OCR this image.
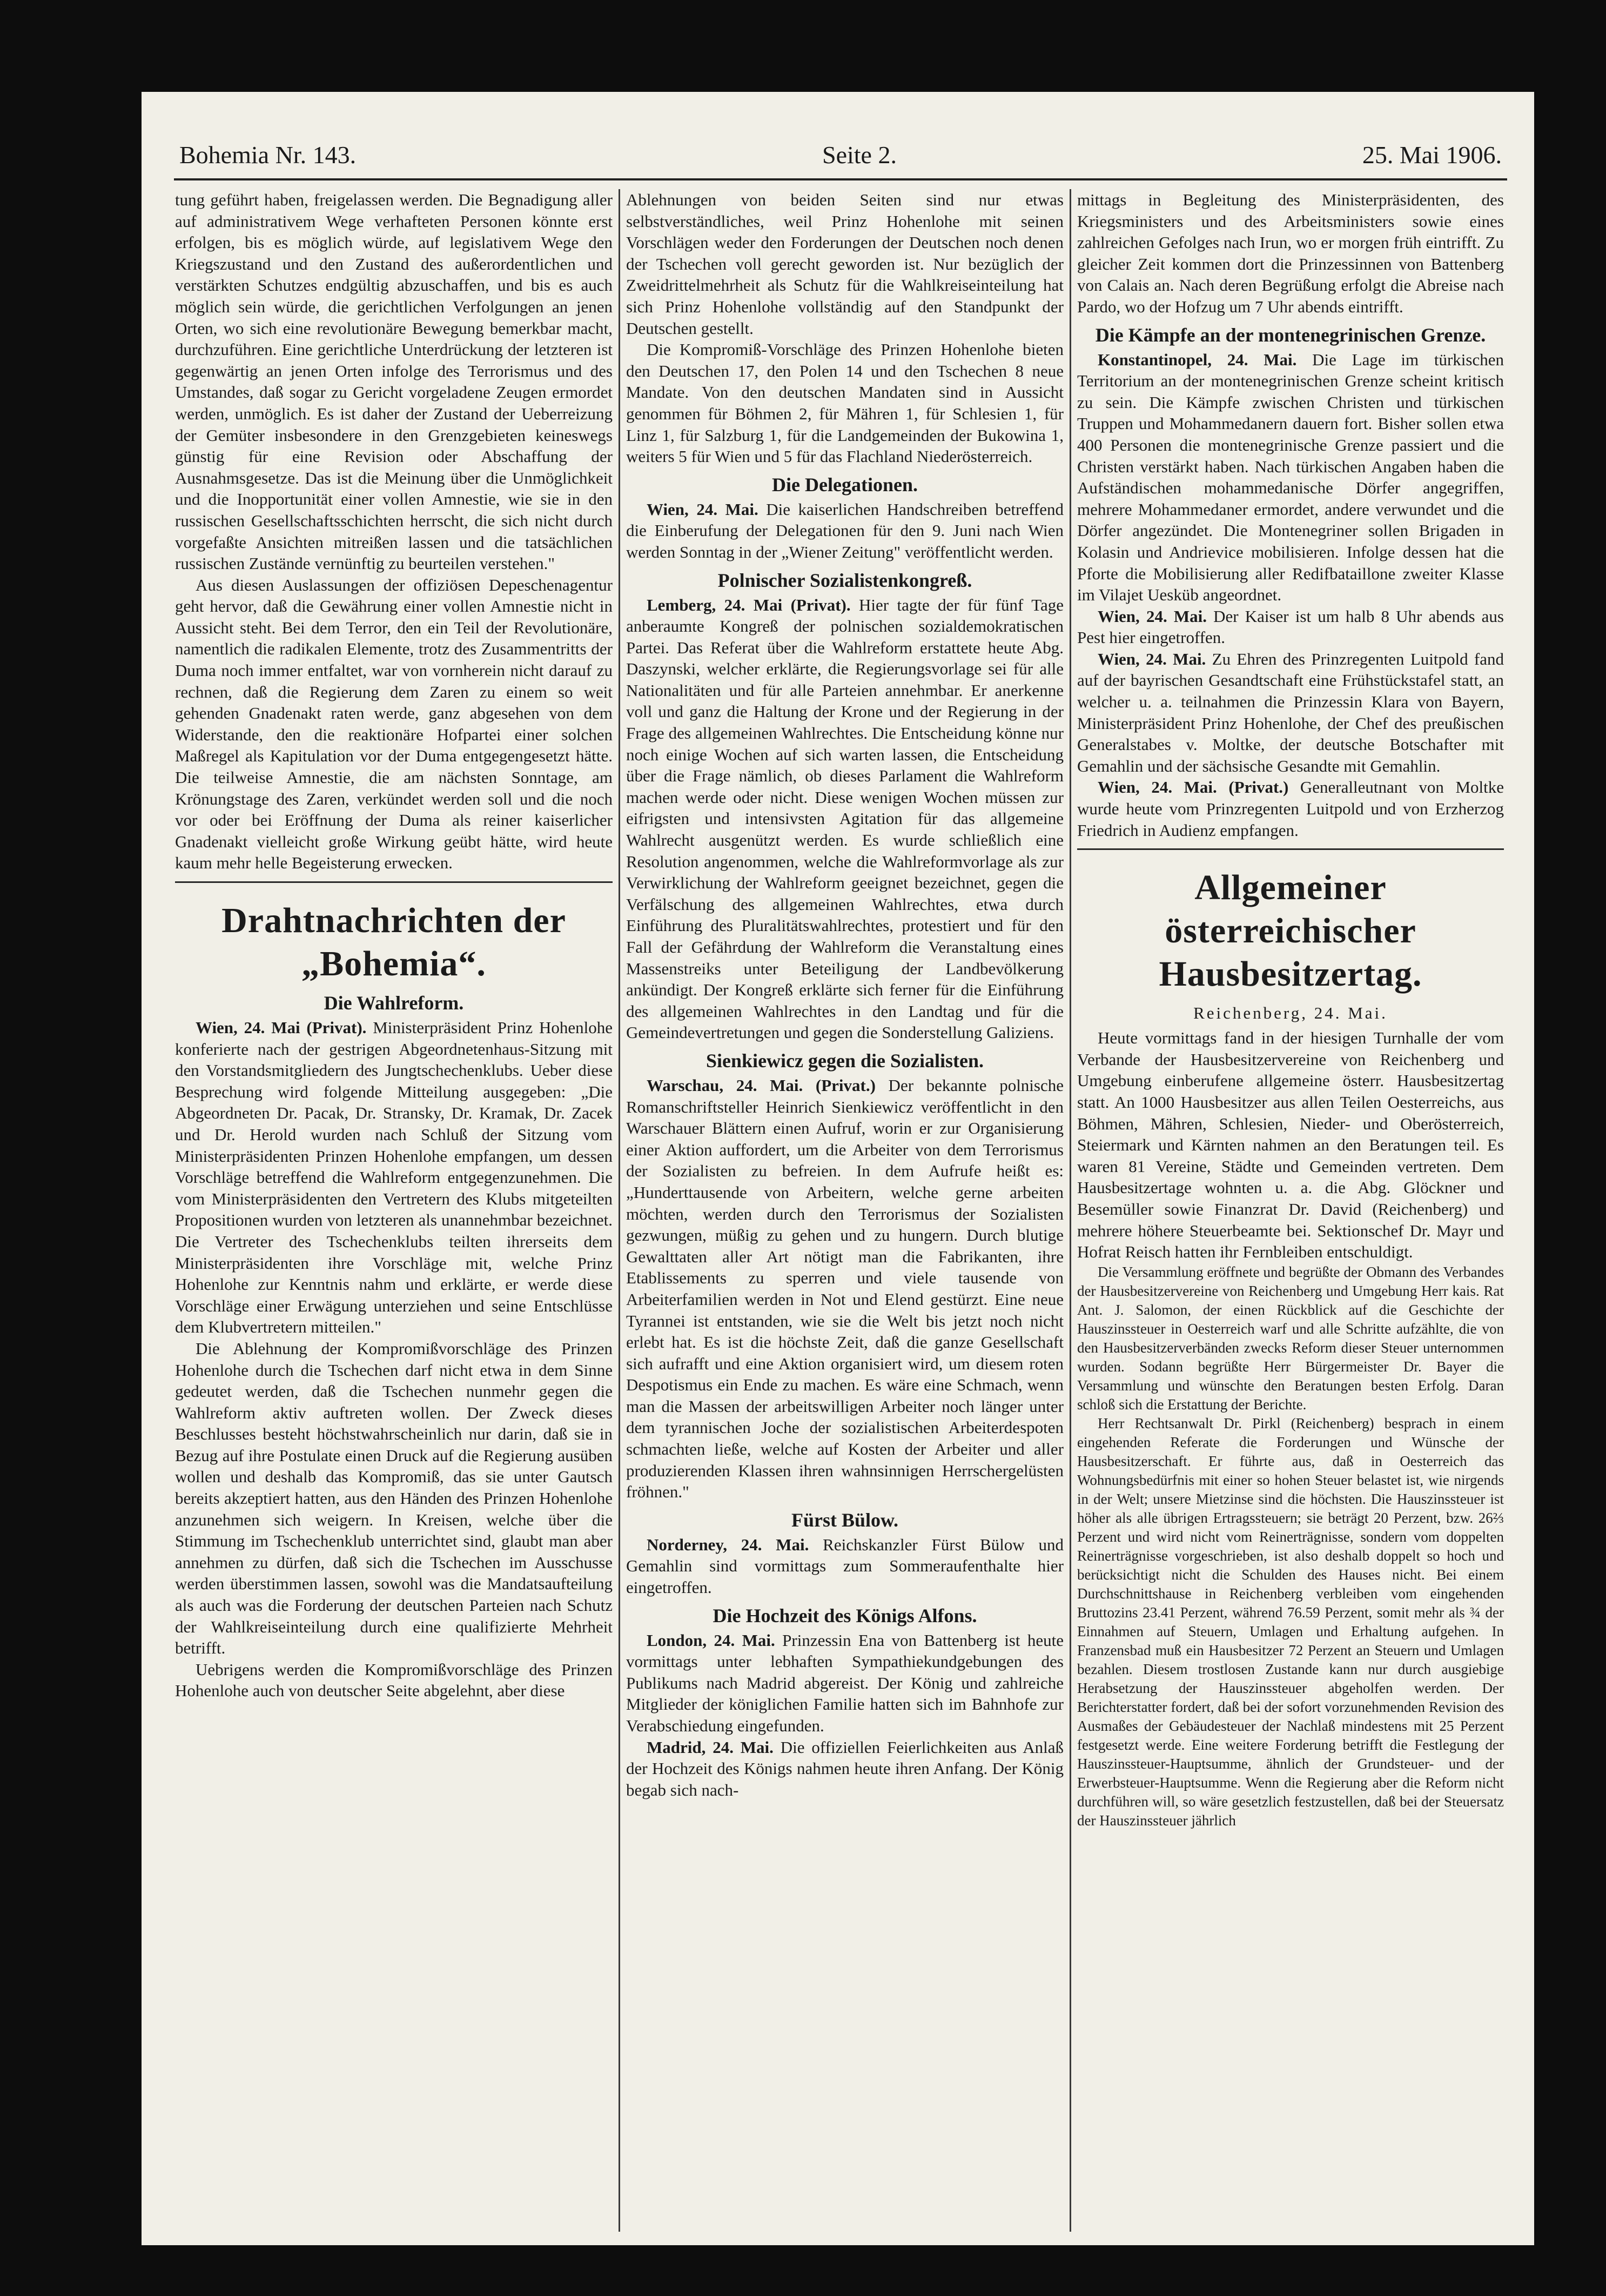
Bohemia Nr. 143.	Seite 2.	25. Mai 1906.

tung geführt haben, freigelassen werden. Die Begnadigung aller auf administrativem Wege verhafteten Personen könnte erst erfolgen, bis es möglich würde, auf legislativem Wege den Kriegszustand und den Zustand des außerordentlichen und verstärkten Schutzes endgültig abzuschaffen, und bis es auch möglich sein würde, die gerichtlichen Verfolgungen an jenen Orten, wo sich eine revolutionäre Bewegung bemerkbar macht, durchzuführen. Eine gerichtliche Unterdrückung der letzteren ist gegenwärtig an jenen Orten infolge des Terrorismus und des Umstandes, daß sogar zu Gericht vorgeladene Zeugen ermordet werden, unmöglich. Es ist daher der Zustand der Ueberreizung der Gemüter insbesondere in den Grenzgebieten keineswegs günstig für eine Revision oder Abschaffung der Ausnahmsgesetze. Das ist die Meinung über die Unmöglichkeit und die Inopportunität einer vollen Amnestie, wie sie in den russischen Gesellschaftsschichten herrscht, die sich nicht durch vorgefaßte Ansichten mitreißen lassen und die tatsächlichen russischen Zustände vernünftig zu beurteilen verstehen."

Aus diesen Auslassungen der offiziösen Depeschenagentur geht hervor, daß die Gewährung einer vollen Amnestie nicht in Aussicht steht. Bei dem Terror, den ein Teil der Revolutionäre, namentlich die radikalen Elemente, trotz des Zusammentritts der Duma noch immer entfaltet, war von vornherein nicht darauf zu rechnen, daß die Regierung dem Zaren zu einem so weit gehenden Gnadenakt raten werde, ganz abgesehen von dem Widerstande, den die reaktionäre Hofpartei einer solchen Maßregel als Kapitulation vor der Duma entgegengesetzt hätte. Die teilweise Amnestie, die am nächsten Sonntage, am Krönungstage des Zaren, verkündet werden soll und die noch vor oder bei Eröffnung der Duma als reiner kaiserlicher Gnadenakt vielleicht große Wirkung geübt hätte, wird heute kaum mehr helle Begeisterung erwecken.

Drahtnachrichten der „Bohemia“.
Die Wahlreform.

Wien, 24. Mai (Privat). Ministerpräsident Prinz Hohenlohe konferierte nach der gestrigen Abgeordnetenhaus-Sitzung mit den Vorstandsmitgliedern des Jungtschechenklubs. Ueber diese Besprechung wird folgende Mitteilung ausgegeben: „Die Abgeordneten Dr. Pacak, Dr. Stransky, Dr. Kramak, Dr. Zacek und Dr. Herold wurden nach Schluß der Sitzung vom Ministerpräsidenten Prinzen Hohenlohe empfangen, um dessen Vorschläge betreffend die Wahlreform entgegenzunehmen. Die vom Ministerpräsidenten den Vertretern des Klubs mitgeteilten Propositionen wurden von letzteren als unannehmbar bezeichnet. Die Vertreter des Tschechenklubs teilten ihrerseits dem Ministerpräsidenten ihre Vorschläge mit, welche Prinz Hohenlohe zur Kenntnis nahm und erklärte, er werde diese Vorschläge einer Erwägung unterziehen und seine Entschlüsse dem Klubvertretern mitteilen."

Die Ablehnung der Kompromißvorschläge des Prinzen Hohenlohe durch die Tschechen darf nicht etwa in dem Sinne gedeutet werden, daß die Tschechen nunmehr gegen die Wahlreform aktiv auftreten wollen. Der Zweck dieses Beschlusses besteht höchstwahrscheinlich nur darin, daß sie in Bezug auf ihre Postulate einen Druck auf die Regierung ausüben wollen und deshalb das Kompromiß, das sie unter Gautsch bereits akzeptiert hatten, aus den Händen des Prinzen Hohenlohe anzunehmen sich weigern. In Kreisen, welche über die Stimmung im Tschechenklub unterrichtet sind, glaubt man aber annehmen zu dürfen, daß sich die Tschechen im Ausschusse werden überstimmen lassen, sowohl was die Mandatsaufteilung als auch was die Forderung der deutschen Parteien nach Schutz der Wahlkreiseinteilung durch eine qualifizierte Mehrheit betrifft.

Uebrigens werden die Kompromißvorschläge des Prinzen Hohenlohe auch von deutscher Seite abgelehnt, aber diese

Ablehnungen von beiden Seiten sind nur etwas selbstverständliches, weil Prinz Hohenlohe mit seinen Vorschlägen weder den Forderungen der Deutschen noch denen der Tschechen voll gerecht geworden ist. Nur bezüglich der Zweidrittelmehrheit als Schutz für die Wahlkreiseinteilung hat sich Prinz Hohenlohe vollständig auf den Standpunkt der Deutschen gestellt.

Die Kompromiß-Vorschläge des Prinzen Hohenlohe bieten den Deutschen 17, den Polen 14 und den Tschechen 8 neue Mandate. Von den deutschen Mandaten sind in Aussicht genommen für Böhmen 2, für Mähren 1, für Schlesien 1, für Linz 1, für Salzburg 1, für die Landgemeinden der Bukowina 1, weiters 5 für Wien und 5 für das Flachland Niederösterreich.

Die Delegationen.

Wien, 24. Mai. Die kaiserlichen Handschreiben betreffend die Einberufung der Delegationen für den 9. Juni nach Wien werden Sonntag in der „Wiener Zeitung" veröffentlicht werden.

Polnischer Sozialistenkongreß.

Lemberg, 24. Mai (Privat). Hier tagte der für fünf Tage anberaumte Kongreß der polnischen sozialdemokratischen Partei. Das Referat über die Wahlreform erstattete heute Abg. Daszynski, welcher erklärte, die Regierungsvorlage sei für alle Nationalitäten und für alle Parteien annehmbar. Er anerkenne voll und ganz die Haltung der Krone und der Regierung in der Frage des allgemeinen Wahlrechtes. Die Entscheidung könne nur noch einige Wochen auf sich warten lassen, die Entscheidung über die Frage nämlich, ob dieses Parlament die Wahlreform machen werde oder nicht. Diese wenigen Wochen müssen zur eifrigsten und intensivsten Agitation für das allgemeine Wahlrecht ausgenützt werden. Es wurde schließlich eine Resolution angenommen, welche die Wahlreformvorlage als zur Verwirklichung der Wahlreform geeignet bezeichnet, gegen die Verfälschung des allgemeinen Wahlrechtes, etwa durch Einführung des Pluralitätswahlrechtes, protestiert und für den Fall der Gefährdung der Wahlreform die Veranstaltung eines Massenstreiks unter Beteiligung der Landbevölkerung ankündigt. Der Kongreß erklärte sich ferner für die Einführung des allgemeinen Wahlrechtes in den Landtag und für die Gemeindevertretungen und gegen die Sonderstellung Galiziens.

Sienkiewicz gegen die Sozialisten.

Warschau, 24. Mai. (Privat.) Der bekannte polnische Romanschriftsteller Heinrich Sienkiewicz veröffentlicht in den Warschauer Blättern einen Aufruf, worin er zur Organisierung einer Aktion auffordert, um die Arbeiter von dem Terrorismus der Sozialisten zu befreien. In dem Aufrufe heißt es: „Hunderttausende von Arbeitern, welche gerne arbeiten möchten, werden durch den Terrorismus der Sozialisten gezwungen, müßig zu gehen und zu hungern. Durch blutige Gewalttaten aller Art nötigt man die Fabrikanten, ihre Etablissements zu sperren und viele tausende von Arbeiterfamilien werden in Not und Elend gestürzt. Eine neue Tyrannei ist entstanden, wie sie die Welt bis jetzt noch nicht erlebt hat. Es ist die höchste Zeit, daß die ganze Gesellschaft sich aufrafft und eine Aktion organisiert wird, um diesem roten Despotismus ein Ende zu machen. Es wäre eine Schmach, wenn man die Massen der arbeitswilligen Arbeiter noch länger unter dem tyrannischen Joche der sozialistischen Arbeiterdespoten schmachten ließe, welche auf Kosten der Arbeiter und aller produzierenden Klassen ihren wahnsinnigen Herrschergelüsten fröhnen."

Fürst Bülow.

Norderney, 24. Mai. Reichskanzler Fürst Bülow und Gemahlin sind vormittags zum Sommeraufenthalte hier eingetroffen.

Die Hochzeit des Königs Alfons.

London, 24. Mai. Prinzessin Ena von Battenberg ist heute vormittags unter lebhaften Sympathiekundgebungen des Publikums nach Madrid abgereist. Der König und zahlreiche Mitglieder der königlichen Familie hatten sich im Bahnhofe zur Verabschiedung eingefunden.

Madrid, 24. Mai. Die offiziellen Feierlichkeiten aus Anlaß der Hochzeit des Königs nahmen heute ihren Anfang. Der König begab sich nach-

mittags in Begleitung des Ministerpräsidenten, des Kriegsministers und des Arbeitsministers sowie eines zahlreichen Gefolges nach Irun, wo er morgen früh eintrifft. Zu gleicher Zeit kommen dort die Prinzessinnen von Battenberg von Calais an. Nach deren Begrüßung erfolgt die Abreise nach Pardo, wo der Hofzug um 7 Uhr abends eintrifft.

Die Kämpfe an der montenegrinischen Grenze.

Konstantinopel, 24. Mai. Die Lage im türkischen Territorium an der montenegrinischen Grenze scheint kritisch zu sein. Die Kämpfe zwischen Christen und türkischen Truppen und Mohammedanern dauern fort. Bisher sollen etwa 400 Personen die montenegrinische Grenze passiert und die Christen verstärkt haben. Nach türkischen Angaben haben die Aufständischen mohammedanische Dörfer angegriffen, mehrere Mohammedaner ermordet, andere verwundet und die Dörfer angezündet. Die Montenegriner sollen Brigaden in Kolasin und Andrievice mobilisieren. Infolge dessen hat die Pforte die Mobilisierung aller Redifbataillone zweiter Klasse im Vilajet Uesküb angeordnet.

Wien, 24. Mai. Der Kaiser ist um halb 8 Uhr abends aus Pest hier eingetroffen.

Wien, 24. Mai. Zu Ehren des Prinzregenten Luitpold fand auf der bayrischen Gesandtschaft eine Frühstückstafel statt, an welcher u. a. teilnahmen die Prinzessin Klara von Bayern, Ministerpräsident Prinz Hohenlohe, der Chef des preußischen Generalstabes v. Moltke, der deutsche Botschafter mit Gemahlin und der sächsische Gesandte mit Gemahlin.

Wien, 24. Mai. (Privat.) Generalleutnant von Moltke wurde heute vom Prinzregenten Luitpold und von Erzherzog Friedrich in Audienz empfangen.

Allgemeiner österreichischer Hausbesitzertag.
Reichenberg, 24. Mai.

Heute vormittags fand in der hiesigen Turnhalle der vom Verbande der Hausbesitzervereine von Reichenberg und Umgebung einberufene allgemeine österr. Hausbesitzertag statt. An 1000 Hausbesitzer aus allen Teilen Oesterreichs, aus Böhmen, Mähren, Schlesien, Nieder- und Oberösterreich, Steiermark und Kärnten nahmen an den Beratungen teil. Es waren 81 Vereine, Städte und Gemeinden vertreten. Dem Hausbesitzertage wohnten u. a. die Abg. Glöckner und Besemüller sowie Finanzrat Dr. David (Reichenberg) und mehrere höhere Steuerbeamte bei. Sektionschef Dr. Mayr und Hofrat Reisch hatten ihr Fernbleiben entschuldigt.

Die Versammlung eröffnete und begrüßte der Obmann des Verbandes der Hausbesitzervereine von Reichenberg und Umgebung Herr kais. Rat Ant. J. Salomon, der einen Rückblick auf die Geschichte der Hauszinssteuer in Oesterreich warf und alle Schritte aufzählte, die von den Hausbesitzerverbänden zwecks Reform dieser Steuer unternommen wurden. Sodann begrüßte Herr Bürgermeister Dr. Bayer die Versammlung und wünschte den Beratungen besten Erfolg. Daran schloß sich die Erstattung der Berichte.

Herr Rechtsanwalt Dr. Pirkl (Reichenberg) besprach in einem eingehenden Referate die Forderungen und Wünsche der Hausbesitzerschaft. Er führte aus, daß in Oesterreich das Wohnungsbedürfnis mit einer so hohen Steuer belastet ist, wie nirgends in der Welt; unsere Mietzinse sind die höchsten. Die Hauszinssteuer ist höher als alle übrigen Ertragssteuern; sie beträgt 20 Perzent, bzw. 26⅔ Perzent und wird nicht vom Reinerträgnisse, sondern vom doppelten Reinerträgnisse vorgeschrieben, ist also deshalb doppelt so hoch und berücksichtigt nicht die Schulden des Hauses nicht. Bei einem Durchschnittshause in Reichenberg verbleiben vom eingehenden Bruttozins 23.41 Perzent, während 76.59 Perzent, somit mehr als ¾ der Einnahmen auf Steuern, Umlagen und Erhaltung aufgehen. In Franzensbad muß ein Hausbesitzer 72 Perzent an Steuern und Umlagen bezahlen. Diesem trostlosen Zustande kann nur durch ausgiebige Herabsetzung der Hauszinssteuer abgeholfen werden. Der Berichterstatter fordert, daß bei der sofort vorzunehmenden Revision des Ausmaßes der Gebäudesteuer der Nachlaß mindestens mit 25 Perzent festgesetzt werde. Eine weitere Forderung betrifft die Festlegung der Hauszinssteuer-Hauptsumme, ähnlich der Grundsteuer- und der Erwerbsteuer-Hauptsumme. Wenn die Regierung aber die Reform nicht durchführen will, so wäre gesetzlich festzustellen, daß bei der Steuersatz der Hauszinssteuer jährlich
